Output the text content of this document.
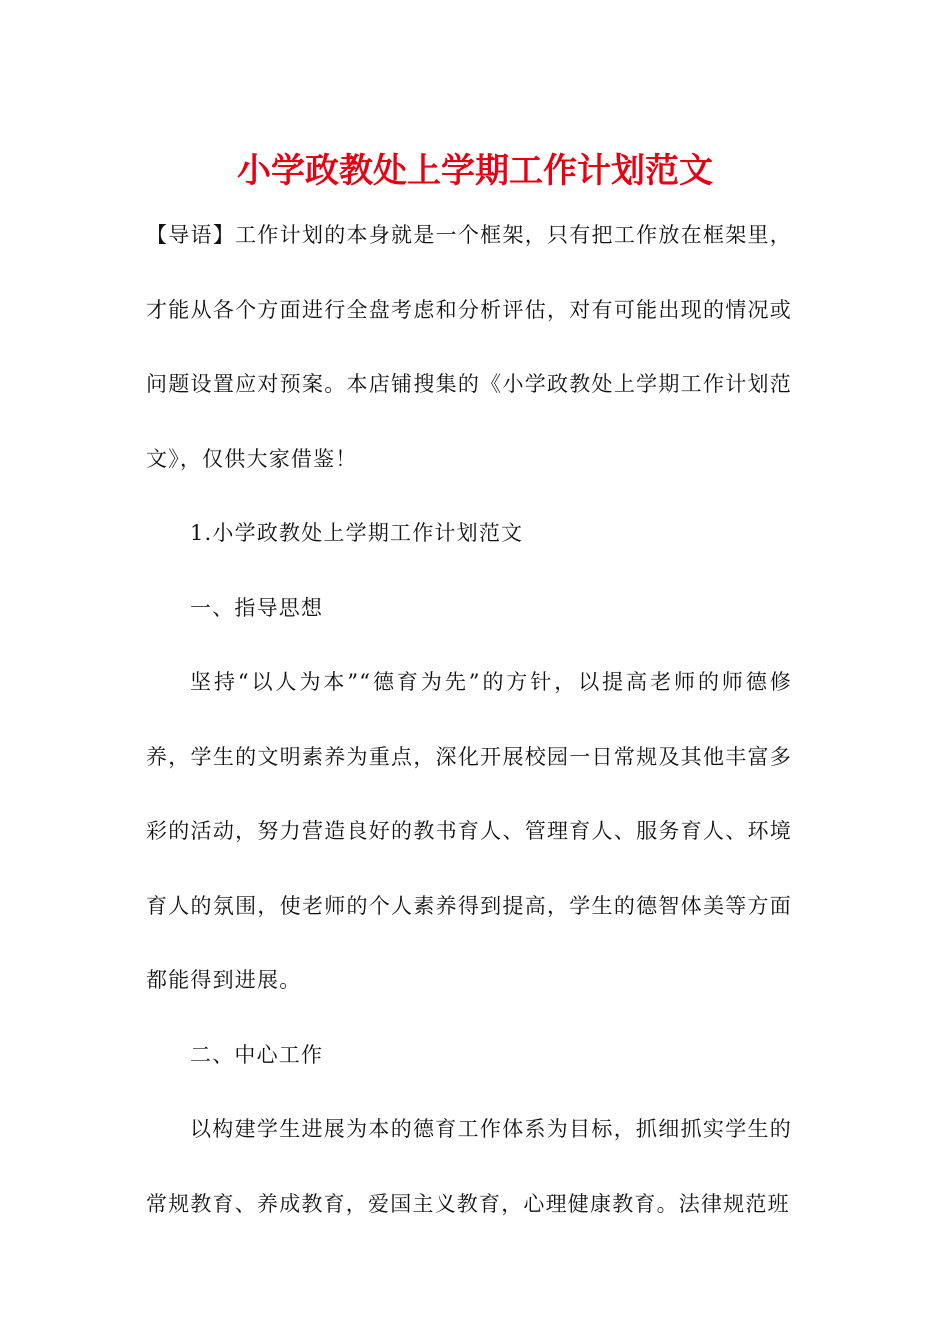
小学政教处上学期工作计划范文

【导语】工作计划的本身就是一个框架，只有把工作放在框架里，才能从各个方面进行全盘考虑和分析评估，对有可能出现的情况或问题设置应对预案。本店铺搜集的《小学政教处上学期工作计划范文》，仅供大家借鉴！

1.小学政教处上学期工作计划范文

一、指导思想

坚持“以人为本”“德育为先”的方针，以提高老师的师德修养，学生的文明素养为重点，深化开展校园一日常规及其他丰富多彩的活动，努力营造良好的教书育人、管理育人、服务育人、环境育人的氛围，使老师的个人素养得到提高，学生的德智体美等方面都能得到进展。

二、中心工作

以构建学生进展为本的德育工作体系为目标，抓细抓实学生的常规教育、养成教育，爱国主义教育，心理健康教育。法律规范班
